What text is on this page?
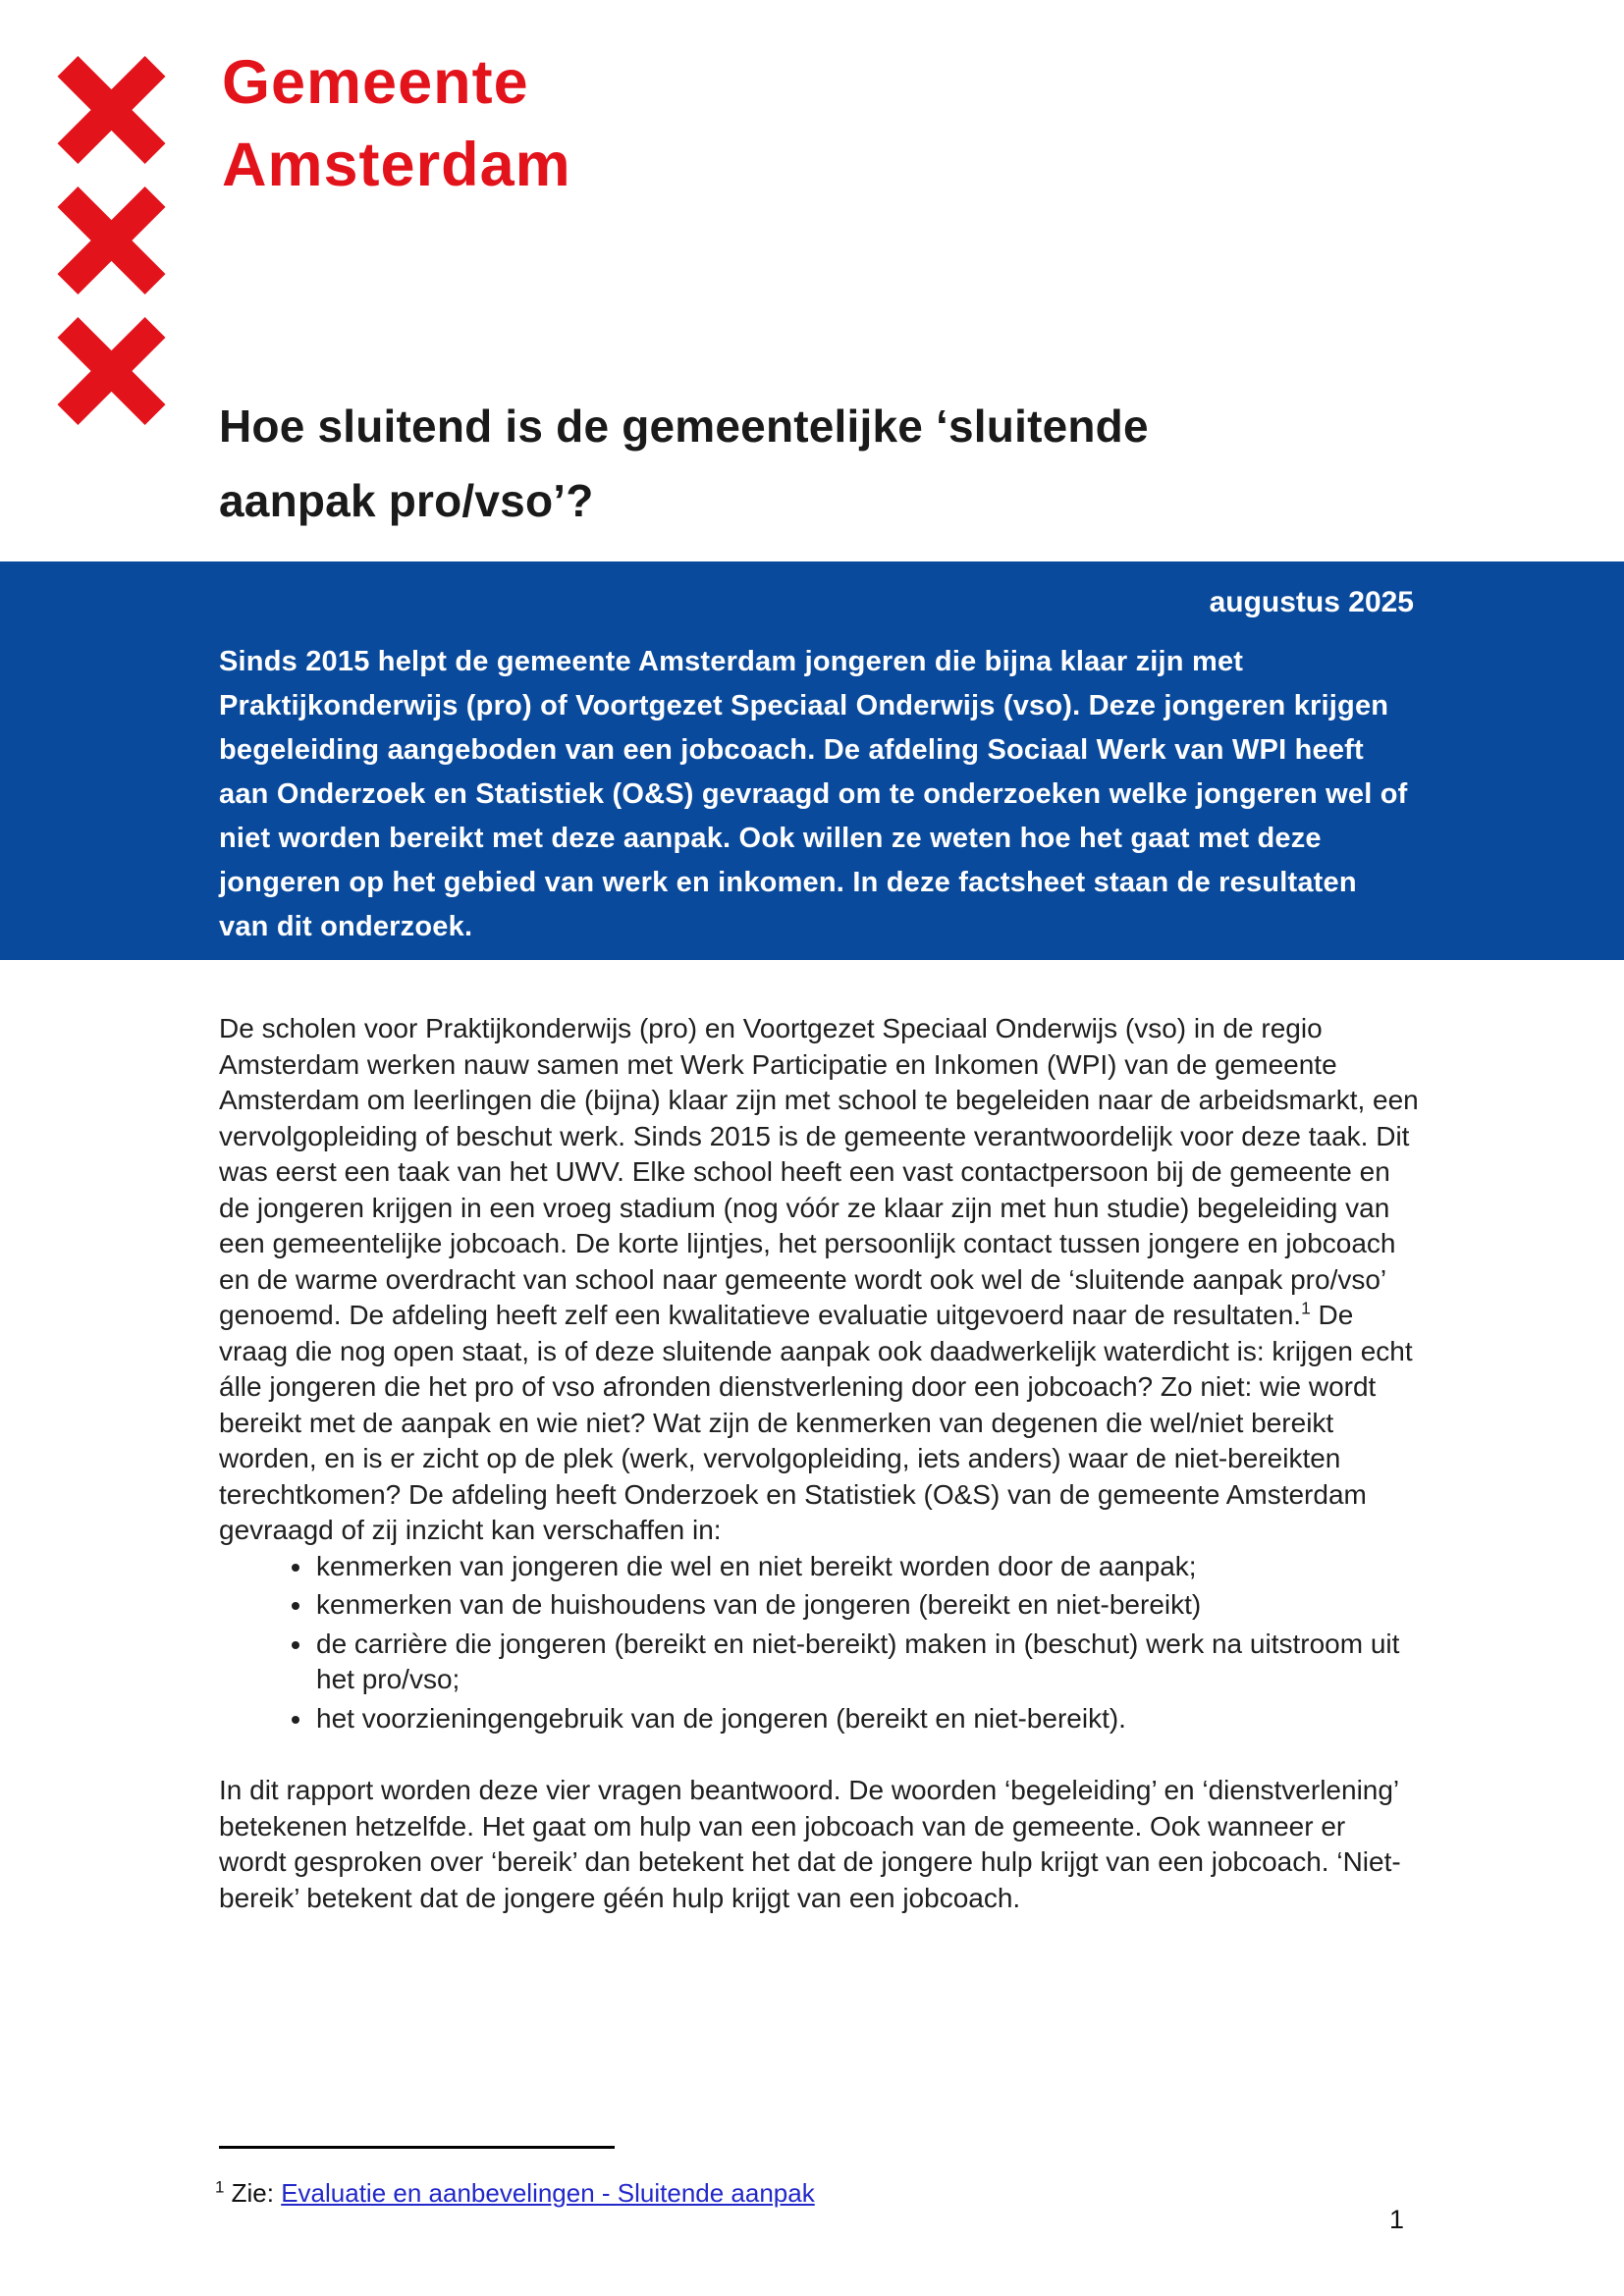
Gemeente
Amsterdam
Hoe sluitend is de gemeentelijke ‘sluitende
aanpak pro/vso’?
augustus 2025
Sinds 2015 helpt de gemeente Amsterdam jongeren die bijna klaar zijn met Praktijkonderwijs (pro) of Voortgezet Speciaal Onderwijs (vso). Deze jongeren krijgen begeleiding aangeboden van een jobcoach. De afdeling Sociaal Werk van WPI heeft aan Onderzoek en Statistiek (O&S) gevraagd om te onderzoeken welke jongeren wel of niet worden bereikt met deze aanpak. Ook willen ze weten hoe het gaat met deze jongeren op het gebied van werk en inkomen. In deze factsheet staan de resultaten van dit onderzoek.

De scholen voor Praktijkonderwijs (pro) en Voortgezet Speciaal Onderwijs (vso) in de regio Amsterdam werken nauw samen met Werk Participatie en Inkomen (WPI) van de gemeente Amsterdam om leerlingen die (bijna) klaar zijn met school te begeleiden naar de arbeidsmarkt, een vervolgopleiding of beschut werk. Sinds 2015 is de gemeente verantwoordelijk voor deze taak. Dit was eerst een taak van het UWV. Elke school heeft een vast contactpersoon bij de gemeente en de jongeren krijgen in een vroeg stadium (nog vóór ze klaar zijn met hun studie) begeleiding van een gemeentelijke jobcoach. De korte lijntjes, het persoonlijk contact tussen jongere en jobcoach en de warme overdracht van school naar gemeente wordt ook wel de ‘sluitende aanpak pro/vso’ genoemd. De afdeling heeft zelf een kwalitatieve evaluatie uitgevoerd naar de resultaten.$^1$ De vraag die nog open staat, is of deze sluitende aanpak ook daadwerkelijk waterdicht is: krijgen echt álle jongeren die het pro of vso afronden dienstverlening door een jobcoach? Zo niet: wie wordt bereikt met de aanpak en wie niet? Wat zijn de kenmerken van degenen die wel/niet bereikt worden, en is er zicht op de plek (werk, vervolgopleiding, iets anders) waar de niet-bereikten terechtkomen? De afdeling heeft Onderzoek en Statistiek (O&S) van de gemeente Amsterdam gevraagd of zij inzicht kan verschaffen in:

• kenmerken van jongeren die wel en niet bereikt worden door de aanpak;
• kenmerken van de huishoudens van de jongeren (bereikt en niet-bereikt)
• de carrière die jongeren (bereikt en niet-bereikt) maken in (beschut) werk na uitstroom uit het pro/vso;
• het voorzieningengebruik van de jongeren (bereikt en niet-bereikt).

In dit rapport worden deze vier vragen beantwoord. De woorden ‘begeleiding’ en ‘dienstverlening’ betekenen hetzelfde. Het gaat om hulp van een jobcoach van de gemeente. Ook wanneer er wordt gesproken over ‘bereik’ dan betekent het dat de jongere hulp krijgt van een jobcoach. ‘Niet-bereik’ betekent dat de jongere géén hulp krijgt van een jobcoach.

$^1$ Zie: Evaluatie en aanbevelingen - Sluitende aanpak
1
